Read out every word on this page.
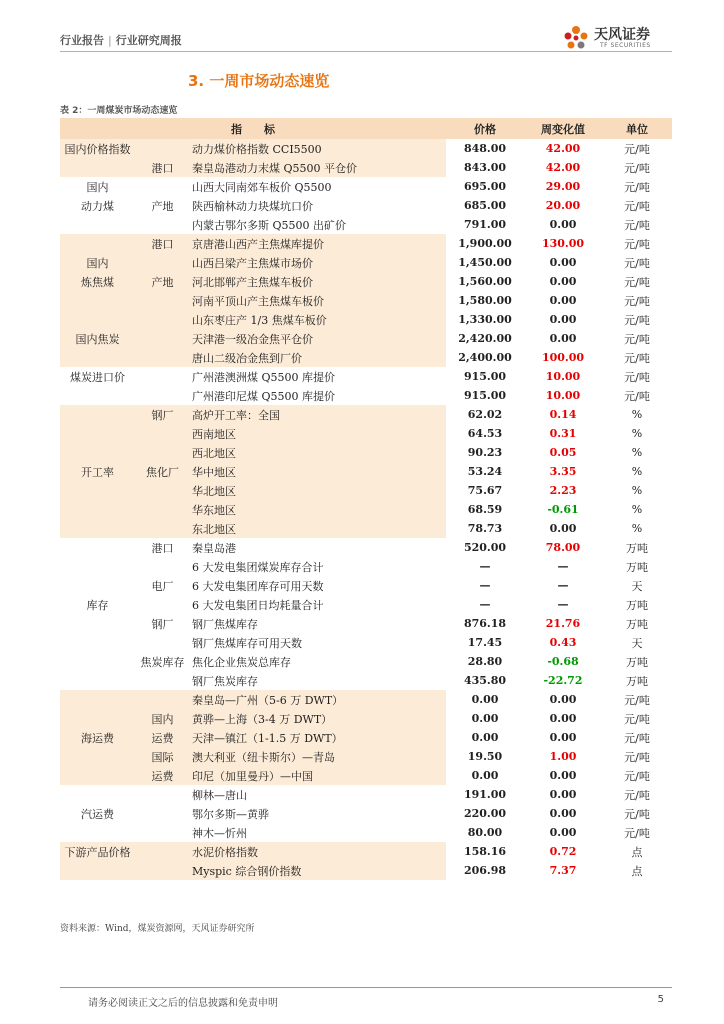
行业报告 | 行业研究周报	天风证券
TF SECURITIES
3. 一周市场动态速览
表 2：一周煤炭市场动态速览
指　　标			价格	周变化值	单位
国内价格指数		动力煤价格指数 CCI5500	848.00	42.00	元/吨
	港口	秦皇岛港动力末煤 Q5500 平仓价	843.00	42.00	元/吨
国内		山西大同南郊车板价 Q5500	695.00	29.00	元/吨
动力煤	产地	陕西榆林动力块煤坑口价	685.00	20.00	元/吨
		内蒙古鄂尔多斯 Q5500 出矿价	791.00	0.00	元/吨
	港口	京唐港山西产主焦煤库提价	1,900.00	130.00	元/吨
国内		山西吕梁产主焦煤市场价	1,450.00	0.00	元/吨
炼焦煤	产地	河北邯郸产主焦煤车板价	1,560.00	0.00	元/吨
		河南平顶山产主焦煤车板价	1,580.00	0.00	元/吨
		山东枣庄产 1/3 焦煤车板价	1,330.00	0.00	元/吨
国内焦炭		天津港一级冶金焦平仓价	2,420.00	0.00	元/吨
		唐山二级冶金焦到厂价	2,400.00	100.00	元/吨
煤炭进口价		广州港澳洲煤 Q5500 库提价	915.00	10.00	元/吨
		广州港印尼煤 Q5500 库提价	915.00	10.00	元/吨
	钢厂	高炉开工率：全国	62.02	0.14	%
		西南地区	64.53	0.31	%
		西北地区	90.23	0.05	%
开工率	焦化厂	华中地区	53.24	3.35	%
		华北地区	75.67	2.23	%
		华东地区	68.59	-0.61	%
		东北地区	78.73	0.00	%
	港口	秦皇岛港	520.00	78.00	万吨
		6 大发电集团煤炭库存合计	—	—	万吨
	电厂	6 大发电集团库存可用天数	—	—	天
库存		6 大发电集团日均耗量合计	—	—	万吨
	钢厂	钢厂焦煤库存	876.18	21.76	万吨
		钢厂焦煤库存可用天数	17.45	0.43	天
	焦炭库存	焦化企业焦炭总库存	28.80	-0.68	万吨
		钢厂焦炭库存	435.80	-22.72	万吨
		秦皇岛—广州（5-6 万 DWT）	0.00	0.00	元/吨
	国内	黄骅—上海（3-4 万 DWT）	0.00	0.00	元/吨
海运费	运费	天津—镇江（1-1.5 万 DWT）	0.00	0.00	元/吨
	国际	澳大利亚（纽卡斯尔）—青岛	19.50	1.00	元/吨
	运费	印尼（加里曼丹）—中国	0.00	0.00	元/吨
		柳林—唐山	191.00	0.00	元/吨
汽运费		鄂尔多斯—黄骅	220.00	0.00	元/吨
		神木—忻州	80.00	0.00	元/吨
下游产品价格		水泥价格指数	158.16	0.72	点
		Myspic 综合钢价指数	206.98	7.37	点
资料来源：Wind，煤炭资源网，天风证券研究所
请务必阅读正文之后的信息披露和免责申明	5
